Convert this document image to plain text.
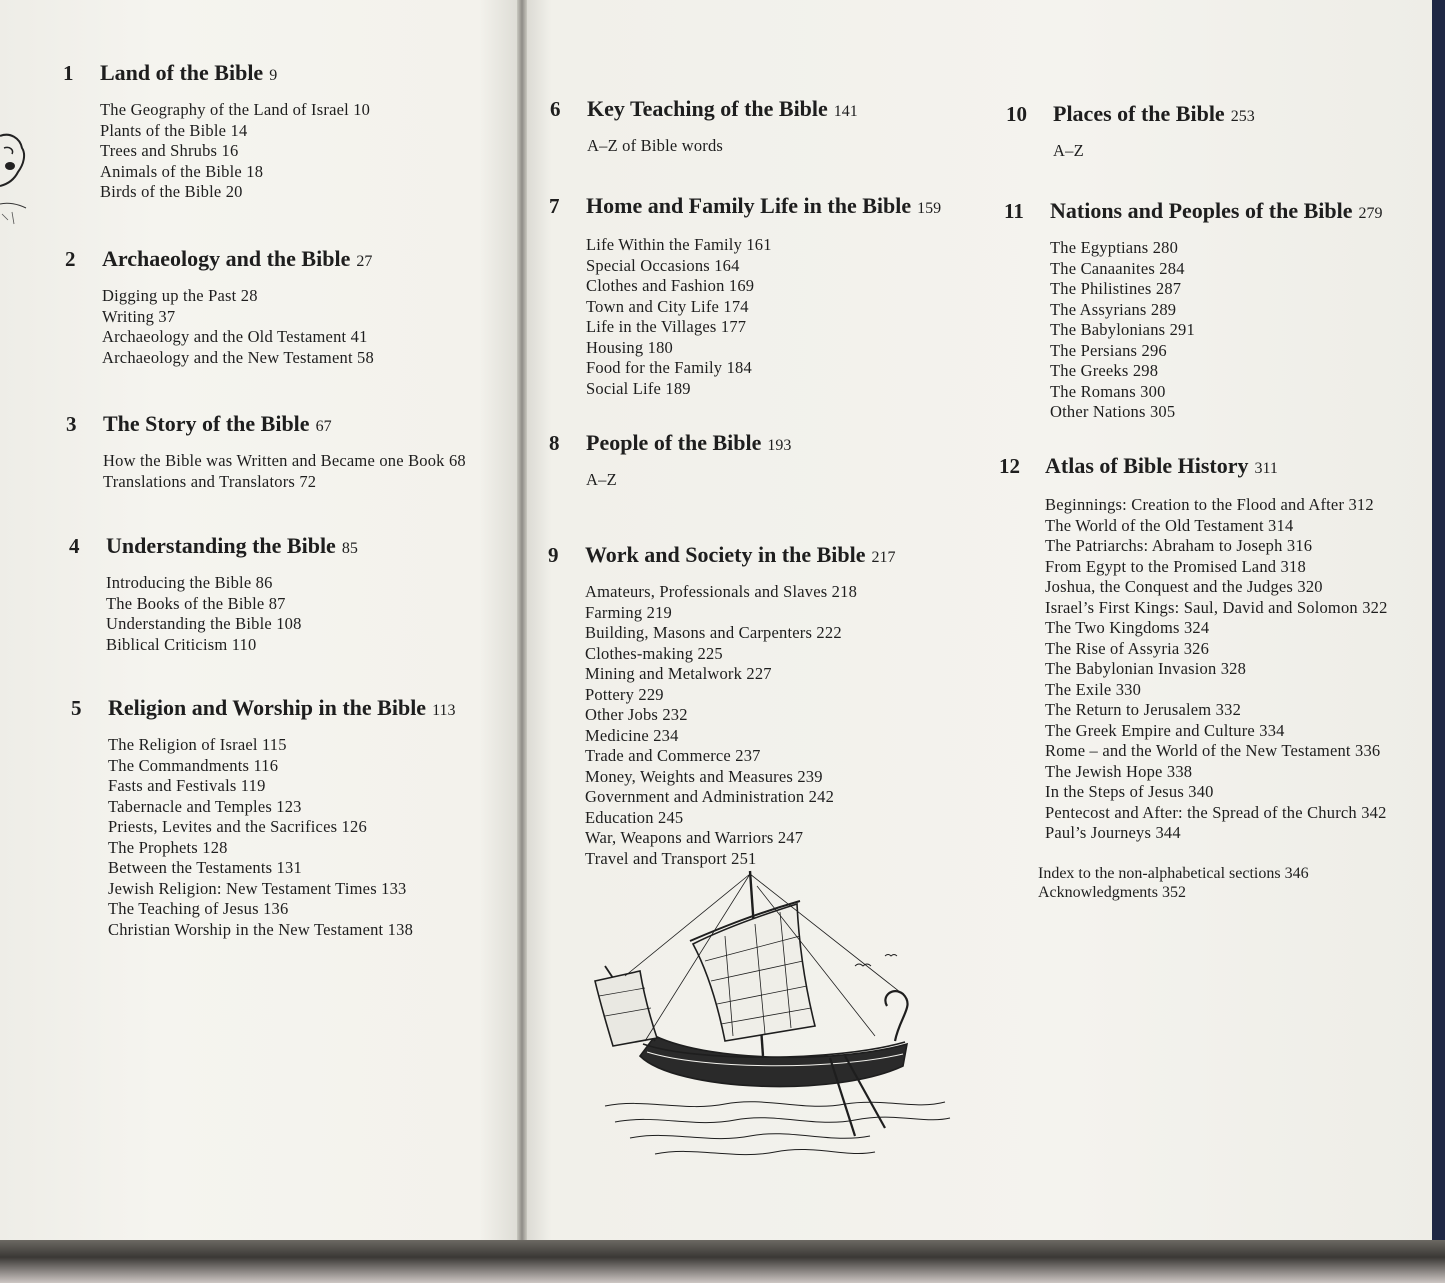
1	Land of the Bible 9
The Geography of the Land of Israel 10
Plants of the Bible 14
Trees and Shrubs 16
Animals of the Bible 18
Birds of the Bible 20
2	Archaeology and the Bible 27
Digging up the Past 28
Writing 37
Archaeology and the Old Testament 41
Archaeology and the New Testament 58
3	The Story of the Bible 67
How the Bible was Written and Became one Book 68
Translations and Translators 72
4	Understanding the Bible 85
Introducing the Bible 86
The Books of the Bible 87
Understanding the Bible 108
Biblical Criticism 110
5	Religion and Worship in the Bible 113
The Religion of Israel 115
The Commandments 116
Fasts and Festivals 119
Tabernacle and Temples 123
Priests, Levites and the Sacrifices 126
The Prophets 128
Between the Testaments 131
Jewish Religion: New Testament Times 133
The Teaching of Jesus 136
Christian Worship in the New Testament 138
6	Key Teaching of the Bible 141
A–Z of Bible words
7	Home and Family Life in the Bible 159
Life Within the Family 161
Special Occasions 164
Clothes and Fashion 169
Town and City Life 174
Life in the Villages 177
Housing 180
Food for the Family 184
Social Life 189
8	People of the Bible 193
A–Z
9	Work and Society in the Bible 217
Amateurs, Professionals and Slaves 218
Farming 219
Building, Masons and Carpenters 222
Clothes-making 225
Mining and Metalwork 227
Pottery 229
Other Jobs 232
Medicine 234
Trade and Commerce 237
Money, Weights and Measures 239
Government and Administration 242
Education 245
War, Weapons and Warriors 247
Travel and Transport 251
10	Places of the Bible 253
A–Z
11	Nations and Peoples of the Bible 279
The Egyptians 280
The Canaanites 284
The Philistines 287
The Assyrians 289
The Babylonians 291
The Persians 296
The Greeks 298
The Romans 300
Other Nations 305
12	Atlas of Bible History 311
Beginnings: Creation to the Flood and After 312
The World of the Old Testament 314
The Patriarchs: Abraham to Joseph 316
From Egypt to the Promised Land 318
Joshua, the Conquest and the Judges 320
Israel’s First Kings: Saul, David and Solomon 322
The Two Kingdoms 324
The Rise of Assyria 326
The Babylonian Invasion 328
The Exile 330
The Return to Jerusalem 332
The Greek Empire and Culture 334
Rome – and the World of the New Testament 336
The Jewish Hope 338
In the Steps of Jesus 340
Pentecost and After: the Spread of the Church 342
Paul’s Journeys 344
Index to the non-alphabetical sections 346
Acknowledgments 352
